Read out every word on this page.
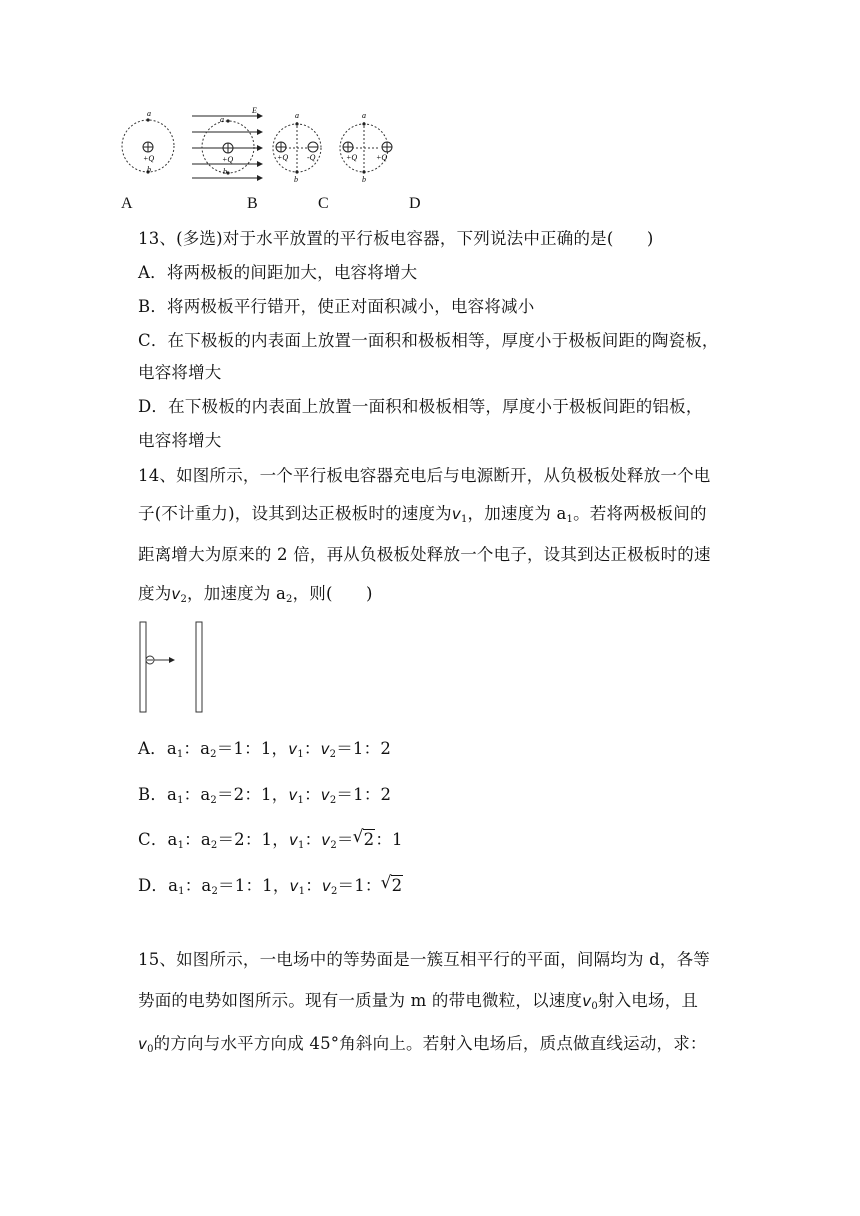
a
b
+Q
E
a
b
+Q
a
b
+Q -Q
a
b
+Q +Q
A	B	C	D
13、(多选)对于水平放置的平行板电容器，下列说法中正确的是(　　)
A．将两极板的间距加大，电容将增大
B．将两极板平行错开，使正对面积减小，电容将减小
C．在下极板的内表面上放置一面积和极板相等，厚度小于极板间距的陶瓷板，
电容将增大
D．在下极板的内表面上放置一面积和极板相等，厚度小于极板间距的铝板，
电容将增大
14、如图所示，一个平行板电容器充电后与电源断开，从负极板处释放一个电
子(不计重力)，设其到达正极板时的速度为$v_1$，加速度为 $a_1$。若将两极板间的
距离增大为原来的 2 倍，再从负极板处释放一个电子，设其到达正极板时的速
度为$v_2$，加速度为 $a_2$，则(　　)
A．$a_1$：$a_2=1$：1，$v_1$：$v_2=1$：2
B．$a_1$：$a_2=2$：1，$v_1$：$v_2=1$：2
C．$a_1$：$a_2=2$：1，$v_1$：$v_2=√$ 2：1
D．$a_1$：$a_2=1$：1，$v_1$：$v_2=1$：√ 2
15、如图所示，一电场中的等势面是一簇互相平行的平面，间隔均为 d，各等
势面的电势如图所示。现有一质量为 m 的带电微粒，以速度$v_0$射入电场，且
$v_0$的方向与水平方向成 45°角斜向上。若射入电场后，质点做直线运动，求：
